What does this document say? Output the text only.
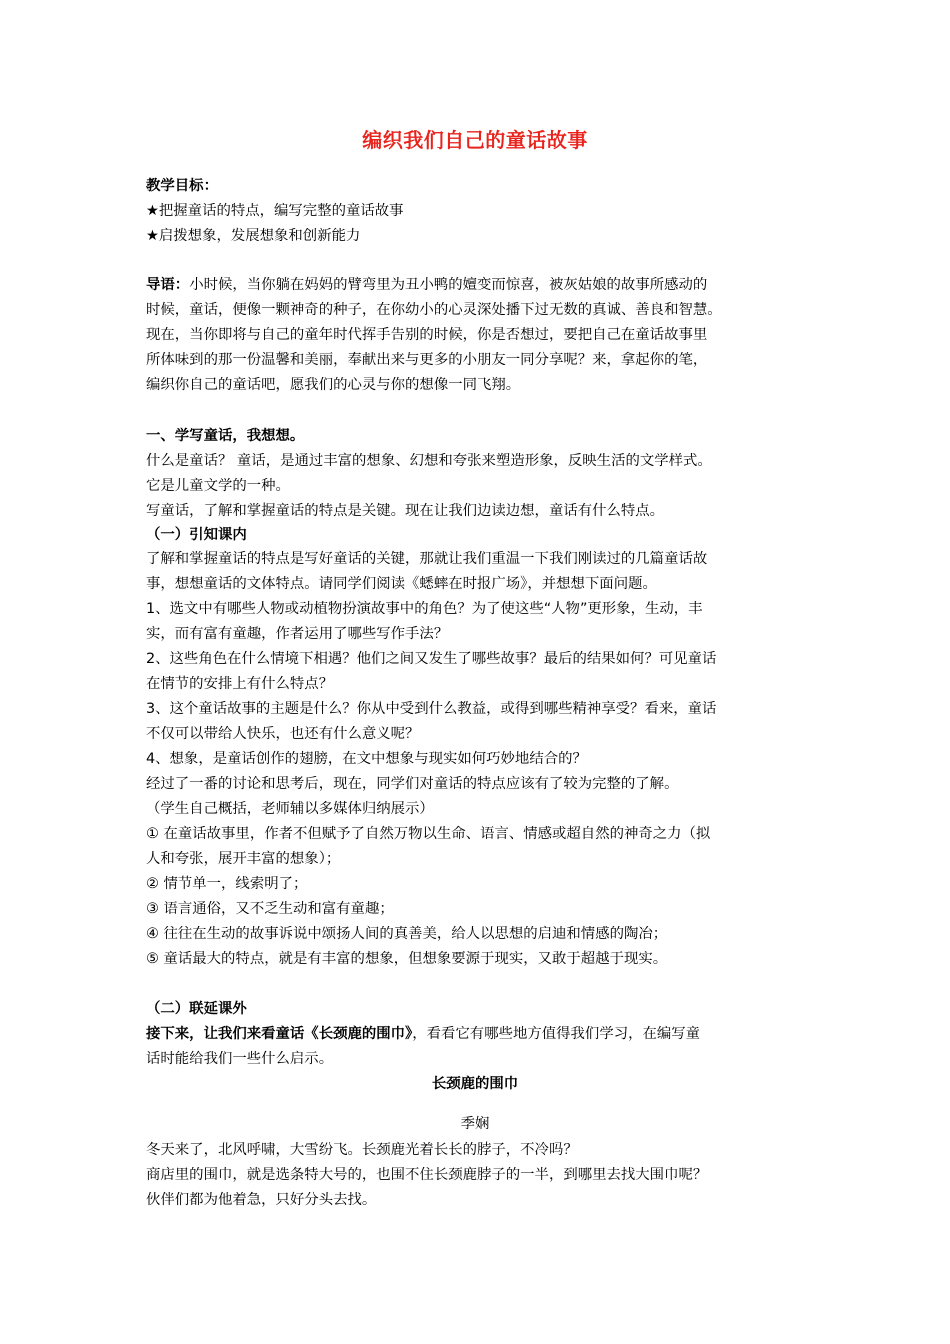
编织我们自己的童话故事
教学目标：
★把握童话的特点，编写完整的童话故事
★启拨想象，发展想象和创新能力
导语：小时候，当你躺在妈妈的臂弯里为丑小鸭的嬗变而惊喜，被灰姑娘的故事所感动的
时候，童话，便像一颗神奇的种子，在你幼小的心灵深处播下过无数的真诚、善良和智慧。
现在，当你即将与自己的童年时代挥手告别的时候，你是否想过，要把自己在童话故事里
所体味到的那一份温馨和美丽，奉献出来与更多的小朋友一同分享呢？来，拿起你的笔，
编织你自己的童话吧，愿我们的心灵与你的想像一同飞翔。
一、学写童话，我想想。
什么是童话？ 童话，是通过丰富的想象、幻想和夸张来塑造形象，反映生活的文学样式。
它是儿童文学的一种。
写童话，了解和掌握童话的特点是关键。现在让我们边读边想，童话有什么特点。
（一）引知课内
了解和掌握童话的特点是写好童话的关键，那就让我们重温一下我们刚读过的几篇童话故
事，想想童话的文体特点。请同学们阅读《蟋蟀在时报广场》，并想想下面问题。
1、选文中有哪些人物或动植物扮演故事中的角色？为了使这些“人物”更形象，生动，丰
实，而有富有童趣，作者运用了哪些写作手法？
2、这些角色在什么情境下相遇？他们之间又发生了哪些故事？最后的结果如何？可见童话
在情节的安排上有什么特点？
3、这个童话故事的主题是什么？你从中受到什么教益，或得到哪些精神享受？看来，童话
不仅可以带给人快乐，也还有什么意义呢？
4、想象，是童话创作的翅膀，在文中想象与现实如何巧妙地结合的？
经过了一番的讨论和思考后，现在，同学们对童话的特点应该有了较为完整的了解。
（学生自己概括，老师辅以多媒体归纳展示）
① 在童话故事里，作者不但赋予了自然万物以生命、语言、情感或超自然的神奇之力（拟
人和夸张，展开丰富的想象）；
② 情节单一，线索明了；
③ 语言通俗，又不乏生动和富有童趣；
④ 往往在生动的故事诉说中颂扬人间的真善美，给人以思想的启迪和情感的陶冶；
⑤ 童话最大的特点，就是有丰富的想象，但想象要源于现实，又敢于超越于现实。
（二）联延课外
接下来，让我们来看童话《长颈鹿的围巾》，看看它有哪些地方值得我们学习，在编写童
话时能给我们一些什么启示。
长颈鹿的围巾
季娴
冬天来了，北风呼啸，大雪纷飞。长颈鹿光着长长的脖子，不冷吗？
商店里的围巾，就是选条特大号的，也围不住长颈鹿脖子的一半，到哪里去找大围巾呢？
伙伴们都为他着急，只好分头去找。
